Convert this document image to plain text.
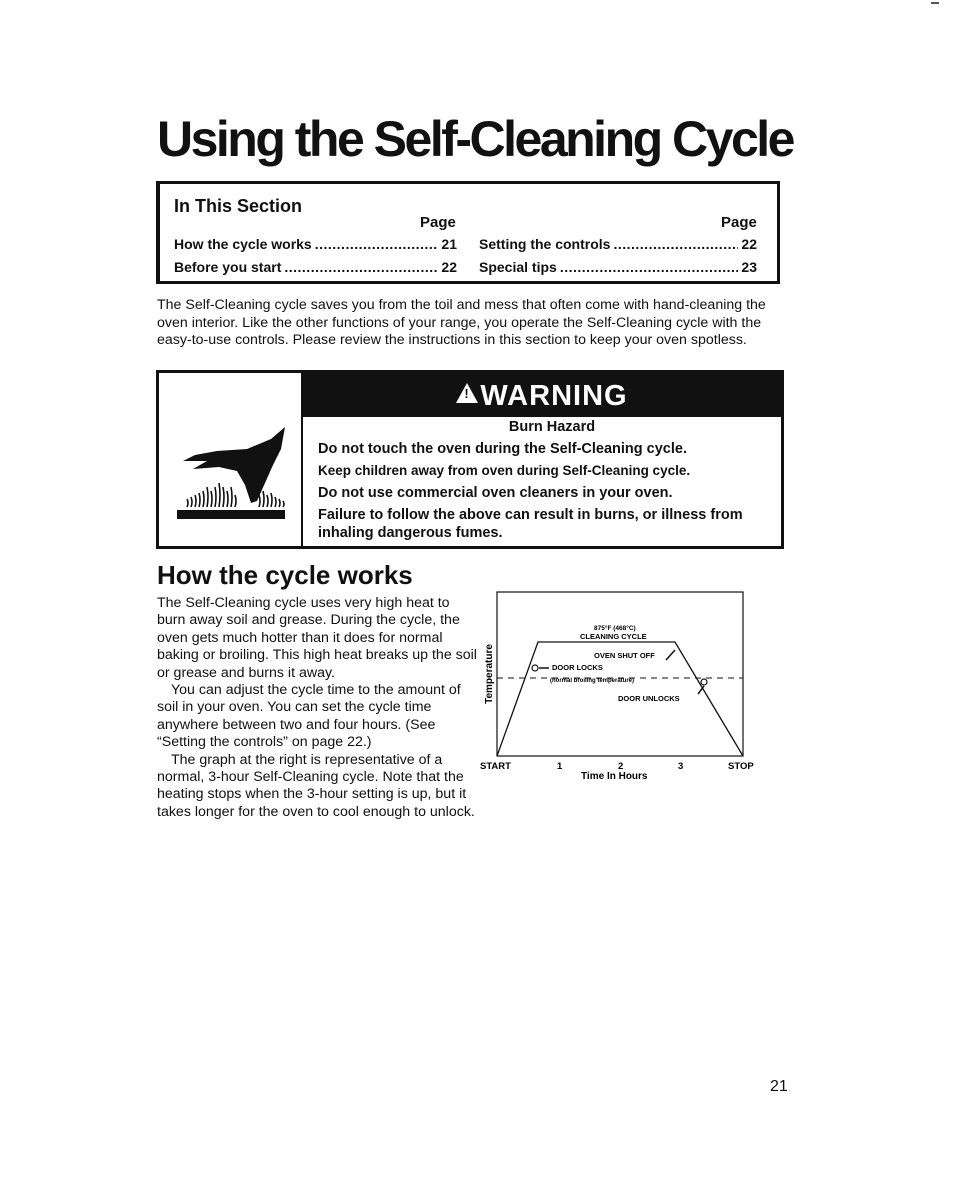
Using the Self-Cleaning Cycle
In This Section
Page	Page
How the cycle works .....	21
Before you start .....	22
Setting the controls .....	22
Special tips .....	23

The Self-Cleaning cycle saves you from the toil and mess that often come with hand-cleaning the oven interior. Like the other functions of your range, you operate the Self-Cleaning cycle with the easy-to-use controls. Please review the instructions in this section to keep your oven spotless.

! WARNING
Burn Hazard
Do not touch the oven during the Self-Cleaning cycle.
Keep children away from oven during Self-Cleaning cycle.
Do not use commercial oven cleaners in your oven.
Failure to follow the above can result in burns, or illness from
inhaling dangerous fumes.
How the cycle works

The Self-Cleaning cycle uses very high heat to burn away soil and grease. During the cycle, the oven gets much hotter than it does for normal baking or broiling. This high heat breaks up the soil or grease and burns it away.

You can adjust the cycle time to the amount of soil in your oven. You can set the cycle time anywhere between two and four hours. (See “Setting the controls” on page 22.)

The graph at the right is representative of a normal, 3-hour Self-Cleaning cycle. Note that the heating stops when the 3-hour setting is up, but it takes longer for the oven to cool enough to unlock.

Temperature
875°F (468°C)
CLEANING CYCLE
OVEN SHUT OFF
DOOR LOCKS
(normal broiling temperature)
DOOR UNLOCKS
START	1	2	3	STOP
Time In Hours
21
